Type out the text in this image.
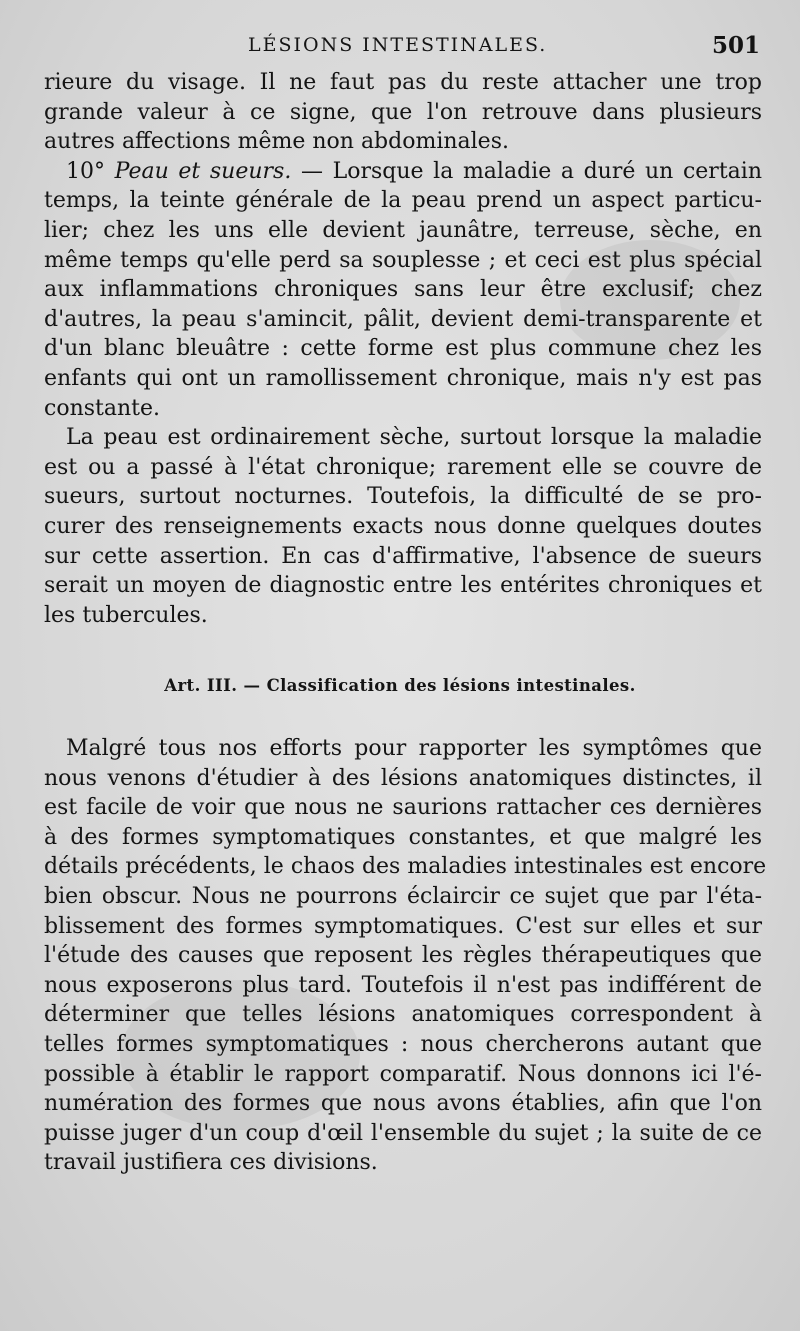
LÉSIONS INTESTINALES.	501
rieure du visage. Il ne faut pas du reste attacher une trop
grande valeur à ce signe, que l'on retrouve dans plusieurs
autres affections même non abdominales.
10° Peau et sueurs. — Lorsque la maladie a duré un certain
temps, la teinte générale de la peau prend un aspect particu-
lier; chez les uns elle devient jaunâtre, terreuse, sèche, en
même temps qu'elle perd sa souplesse ; et ceci est plus spécial
aux inflammations chroniques sans leur être exclusif; chez
d'autres, la peau s'amincit, pâlit, devient demi-transparente et
d'un blanc bleuâtre : cette forme est plus commune chez les
enfants qui ont un ramollissement chronique, mais n'y est pas
constante.
La peau est ordinairement sèche, surtout lorsque la maladie
est ou a passé à l'état chronique; rarement elle se couvre de
sueurs, surtout nocturnes. Toutefois, la difficulté de se pro-
curer des renseignements exacts nous donne quelques doutes
sur cette assertion. En cas d'affirmative, l'absence de sueurs
serait un moyen de diagnostic entre les entérites chroniques et
les tubercules.
Art. III. — Classification des lésions intestinales.
Malgré tous nos efforts pour rapporter les symptômes que
nous venons d'étudier à des lésions anatomiques distinctes, il
est facile de voir que nous ne saurions rattacher ces dernières
à des formes symptomatiques constantes, et que malgré les
détails précédents, le chaos des maladies intestinales est encore
bien obscur. Nous ne pourrons éclaircir ce sujet que par l'éta-
blissement des formes symptomatiques. C'est sur elles et sur
l'étude des causes que reposent les règles thérapeutiques que
nous exposerons plus tard. Toutefois il n'est pas indifférent de
déterminer que telles lésions anatomiques correspondent à
telles formes symptomatiques : nous chercherons autant que
possible à établir le rapport comparatif. Nous donnons ici l'é-
numération des formes que nous avons établies, afin que l'on
puisse juger d'un coup d'œil l'ensemble du sujet ; la suite de ce
travail justifiera ces divisions.
